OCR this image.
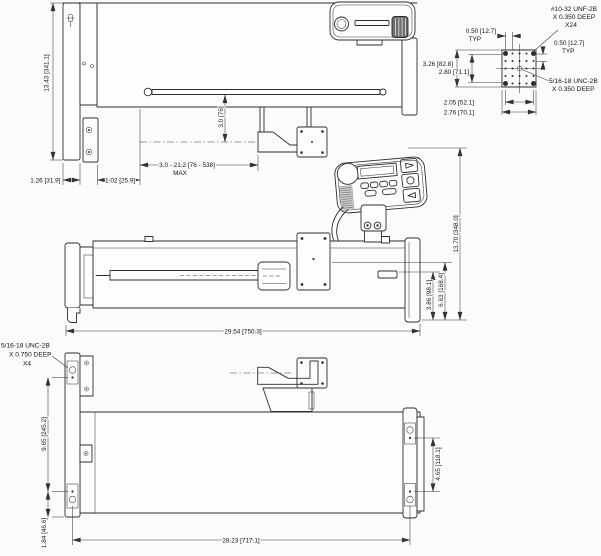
13.43 [341.1]
1.26 [31.9]	1.02 [25.9]
3.0 - 21.2 [76 - 538]
MAX
3.0 [76]
0.50 [12.7]
TYP
#10-32 UNF-2B
X 0.350 DEEP
X24
0.50 [12.7]
TYP
3.26 [82.8]
2.80 [71.1]
5/16-18 UNC-2B
X 0.350 DEEP
2.05 [52.1]
2.76 [70.1]
29.54 [750.3]
3.86 [98.1] 6.63 [168.4]
13.70 [348.0]
5/16-18 UNC-2B
X 0.750 DEEP
X4
9.65 [245.2]
1.84 [46.6]
4.65 [118.1]
28.23 [717.1]
